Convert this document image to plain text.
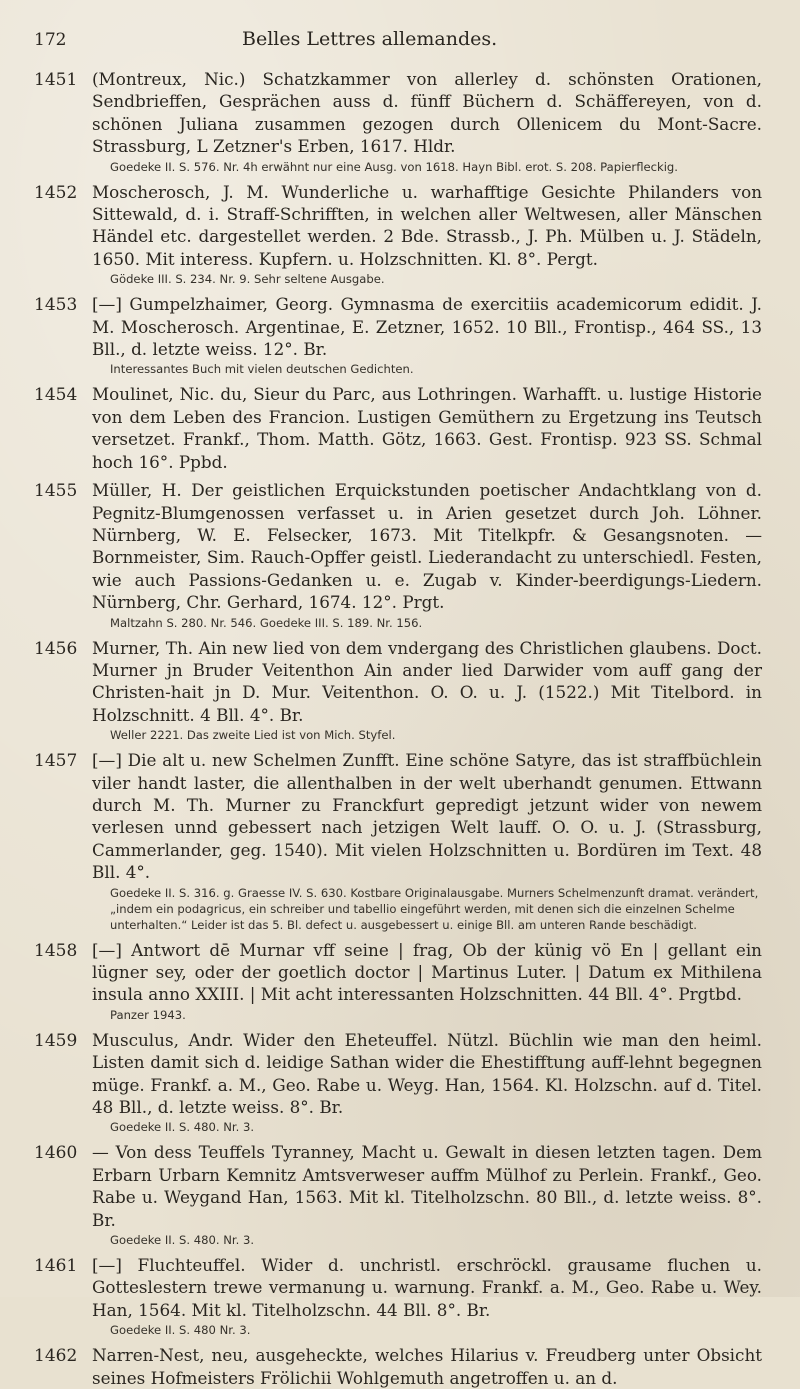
172	Belles Lettres allemandes.
1451 (Montreux, Nic.) Schatzkammer von allerley d. schönsten Orationen, Sendbrieffen, Gesprächen auss d. fünff Büchern d. Schäffereyen, von d. schönen Juliana zusammen gezogen durch Ollenicem du Mont-Sacre. Strassburg, L Zetzner's Erben, 1617. Hldr.

Goedeke II. S. 576. Nr. 4h erwähnt nur eine Ausg. von 1618. Hayn Bibl. erot. S. 208. Papierfleckig.
1452 Moscherosch, J. M. Wunderliche u. warhafftige Gesichte Philanders von Sittewald, d. i. Straff-Schrifften, in welchen aller Weltwesen, aller Mänschen Händel etc. dargestellet werden. 2 Bde. Strassb., J. Ph. Mülben u. J. Städeln, 1650. Mit interess. Kupfern. u. Holzschnitten. Kl. 8°. Pergt.

Gödeke III. S. 234. Nr. 9. Sehr seltene Ausgabe.
1453 [—] Gumpelzhaimer, Georg. Gymnasma de exercitiis academicorum edidit. J. M. Moscherosch. Argentinae, E. Zetzner, 1652. 10 Bll., Frontisp., 464 SS., 13 Bll., d. letzte weiss. 12°. Br.

Interessantes Buch mit vielen deutschen Gedichten.
1454 Moulinet, Nic. du, Sieur du Parc, aus Lothringen. Warhafft. u. lustige Historie von dem Leben des Francion. Lustigen Gemüthern zu Ergetzung ins Teutsch versetzet. Frankf., Thom. Matth. Götz, 1663. Gest. Frontisp. 923 SS. Schmal hoch 16°. Ppbd.

1455 Müller, H. Der geistlichen Erquickstunden poetischer Andachtklang von d. Pegnitz-Blumgenossen verfasset u. in Arien gesetzet durch Joh. Löhner. Nürnberg, W. E. Felsecker, 1673. Mit Titelkpfr. & Gesangsnoten. — Bornmeister, Sim. Rauch-Opffer geistl. Liederandacht zu unterschiedl. Festen, wie auch Passions-Gedanken u. e. Zugab v. Kinder-beerdigungs-Liedern. Nürnberg, Chr. Gerhard, 1674. 12°. Prgt.

Maltzahn S. 280. Nr. 546. Goedeke III. S. 189. Nr. 156.
1456 Murner, Th. Ain new lied von dem vndergang des Christlichen glaubens. Doct. Murner jn Bruder Veitenthon Ain ander lied Darwider vom auff gang der Christen-hait jn D. Mur. Veitenthon. O. O. u. J. (1522.) Mit Titelbord. in Holzschnitt. 4 Bll. 4°. Br.

Weller 2221. Das zweite Lied ist von Mich. Styfel.
1457 [—] Die alt u. new Schelmen Zunfft. Eine schöne Satyre, das ist straffbüchlein viler handt laster, die allenthalben in der welt uberhandt genumen. Ettwann durch M. Th. Murner zu Franckfurt gepredigt jetzunt wider von newem verlesen unnd gebessert nach jetzigen Welt lauff. O. O. u. J. (Strassburg, Cammerlander, geg. 1540). Mit vielen Holzschnitten u. Bordüren im Text. 48 Bll. 4°.

Goedeke II. S. 316. g. Graesse IV. S. 630. Kostbare Originalausgabe. Murners Schelmenzunft dramat. verändert, „indem ein podagricus, ein schreiber und tabellio eingeführt werden, mit denen sich die einzelnen Schelme unterhalten.“ Leider ist das 5. Bl. defect u. ausgebessert u. einige Bll. am unteren Rande beschädigt.
1458 [—] Antwort dē Murnar vff seine | frag, Ob der künig vö En | gellant ein lügner sey, oder der goetlich doctor | Martinus Luter. | Datum ex Mithilena insula anno XXIII. | Mit acht interessanten Holzschnitten. 44 Bll. 4°. Prgtbd.

Panzer 1943.
1459 Musculus, Andr. Wider den Eheteuffel. Nützl. Büchlin wie man den heiml. Listen damit sich d. leidige Sathan wider die Ehestifftung auff-lehnt begegnen müge. Frankf. a. M., Geo. Rabe u. Weyg. Han, 1564. Kl. Holzschn. auf d. Titel. 48 Bll., d. letzte weiss. 8°. Br.

Goedeke II. S. 480. Nr. 3.
1460 — Von dess Teuffels Tyranney, Macht u. Gewalt in diesen letzten tagen. Dem Erbarn Urbarn Kemnitz Amtsverweser auffm Mülhof zu Perlein. Frankf., Geo. Rabe u. Weygand Han, 1563. Mit kl. Titelholzschn. 80 Bll., d. letzte weiss. 8°. Br.

Goedeke II. S. 480. Nr. 3.
1461 [—] Fluchteuffel. Wider d. unchristl. erschröckl. grausame fluchen u. Gotteslestern trewe vermanung u. warnung. Frankf. a. M., Geo. Rabe u. Wey. Han, 1564. Mit kl. Titelholzschn. 44 Bll. 8°. Br.

Goedeke II. S. 480 Nr. 3.
1462 Narren-Nest, neu, ausgeheckte, welches Hilarius v. Freudberg unter Obsicht seines Hofmeisters Frölichii Wohlgemuth angetroffen u. an d.
